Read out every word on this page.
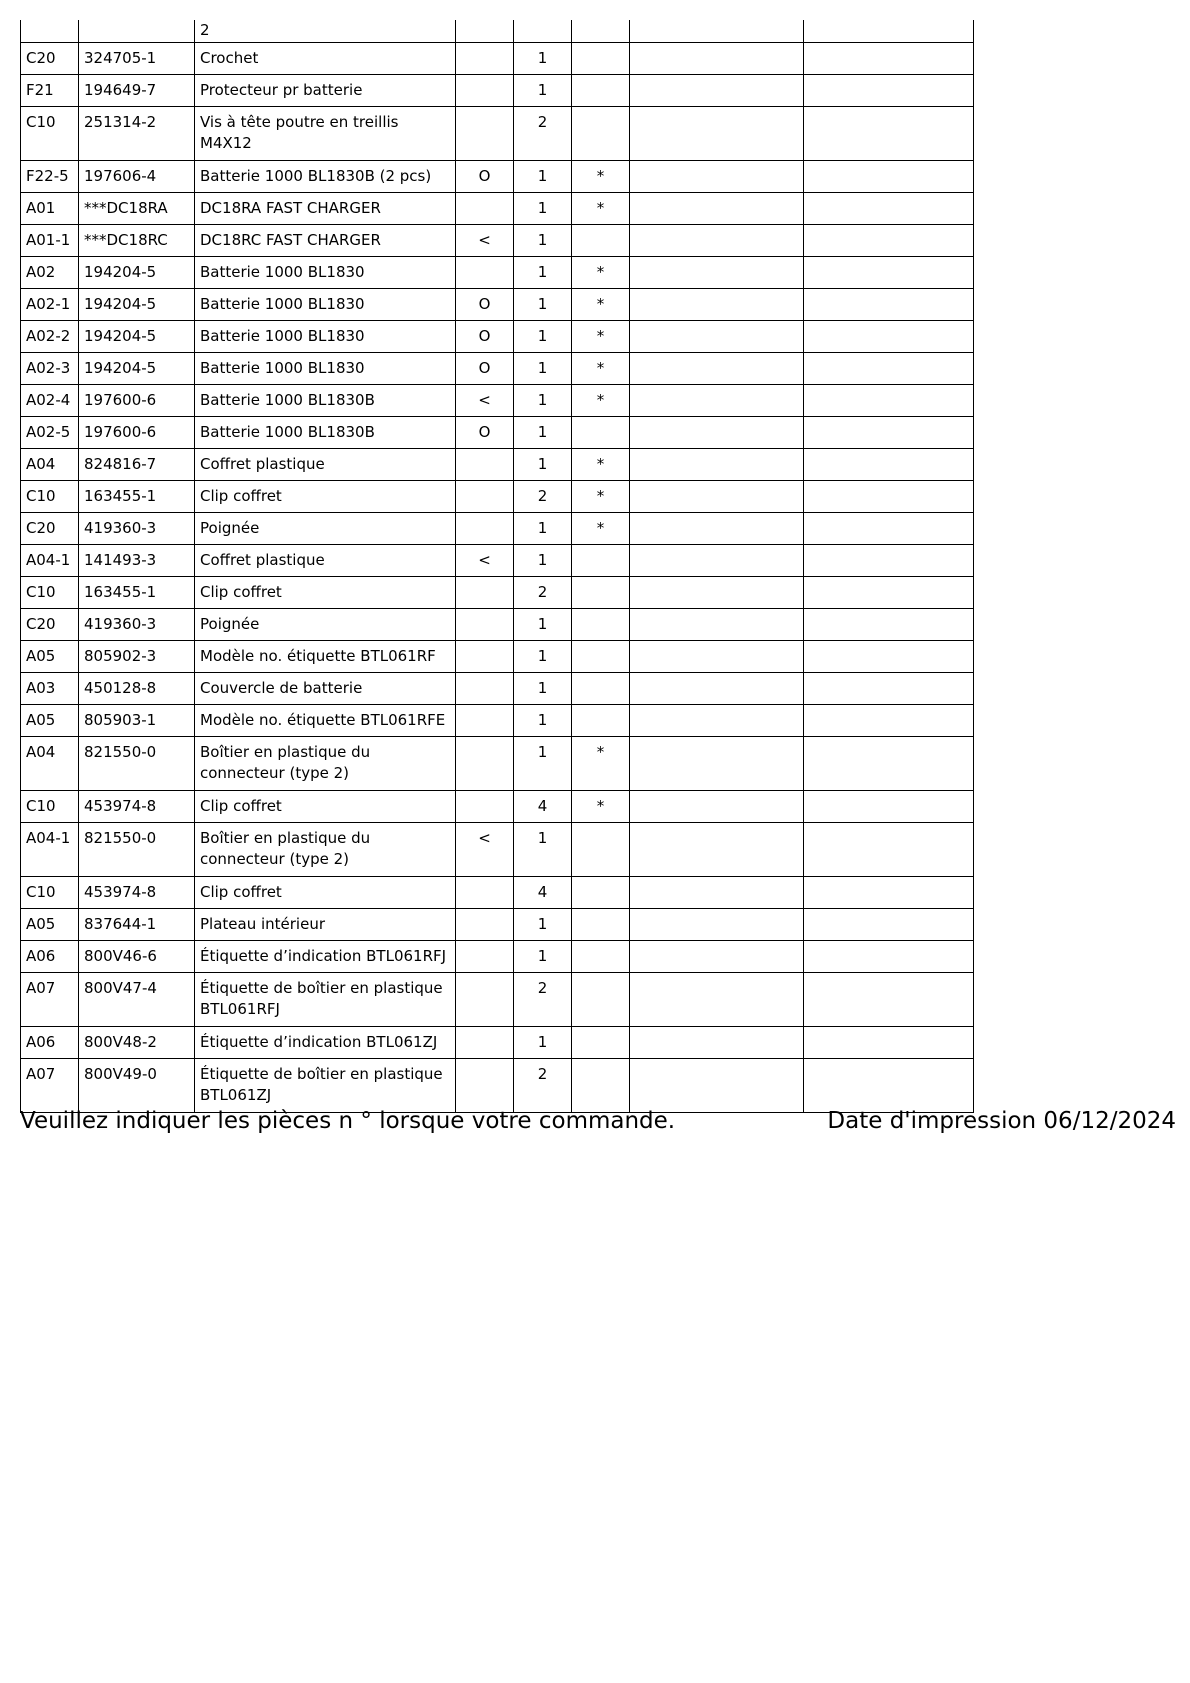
		2					
C20	324705-1	Crochet		1			
F21	194649-7	Protecteur pr batterie		1			
C10	251314-2	Vis à tête poutre en treillis M4X12		2			
F22-5	197606-4	Batterie 1000 BL1830B (2 pcs)	O	1	*		
A01	***DC18RA	DC18RA FAST CHARGER		1	*		
A01-1	***DC18RC	DC18RC FAST CHARGER	<	1			
A02	194204-5	Batterie 1000 BL1830		1	*		
A02-1	194204-5	Batterie 1000 BL1830	O	1	*		
A02-2	194204-5	Batterie 1000 BL1830	O	1	*		
A02-3	194204-5	Batterie 1000 BL1830	O	1	*		
A02-4	197600-6	Batterie 1000 BL1830B	<	1	*		
A02-5	197600-6	Batterie 1000 BL1830B	O	1			
A04	824816-7	Coffret plastique		1	*		
C10	163455-1	Clip coffret		2	*		
C20	419360-3	Poignée		1	*		
A04-1	141493-3	Coffret plastique	<	1			
C10	163455-1	Clip coffret		2			
C20	419360-3	Poignée		1			
A05	805902-3	Modèle no. étiquette BTL061RF		1			
A03	450128-8	Couvercle de batterie		1			
A05	805903-1	Modèle no. étiquette BTL061RFE		1			
A04	821550-0	Boîtier en plastique du connecteur (type 2)		1	*		
C10	453974-8	Clip coffret		4	*		
A04-1	821550-0	Boîtier en plastique du connecteur (type 2)	<	1			
C10	453974-8	Clip coffret		4			
A05	837644-1	Plateau intérieur		1			
A06	800V46-6	Étiquette d’indication BTL061RFJ		1			
A07	800V47-4	Étiquette de boîtier en plastique BTL061RFJ		2			
A06	800V48-2	Étiquette d’indication BTL061ZJ		1			
A07	800V49-0	Étiquette de boîtier en plastique BTL061ZJ		2			
Veuillez indiquer les pièces n ° lorsque votre commande.	Date d'impression 06/12/2024
